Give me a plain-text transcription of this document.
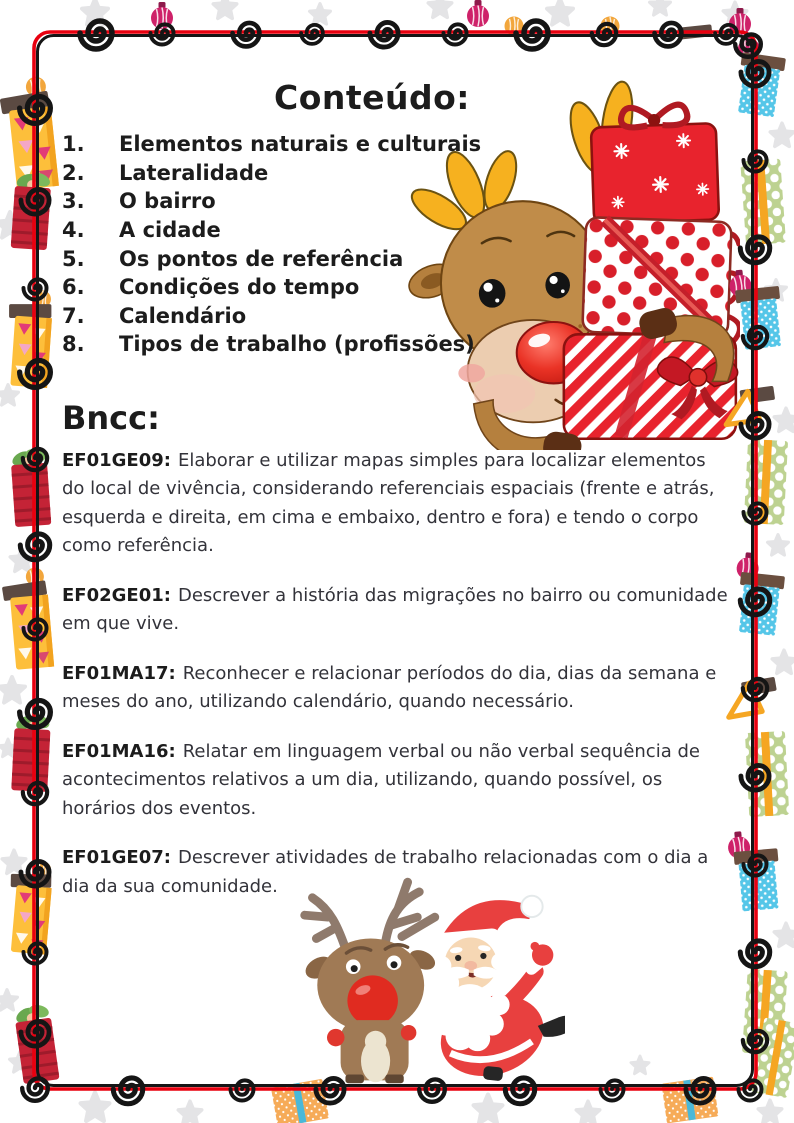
Conteúdo:
1.	Elementos naturais e culturais
2.	Lateralidade
3.	O bairro
4.	A cidade
5.	Os pontos de referência
6.	Condições do tempo
7.	Calendário
8.	Tipos de trabalho (profissões)
Bncc:

EF01GE09: Elaborar e utilizar mapas simples para localizar elementos do local de vivência, considerando referenciais espaciais (frente e atrás, esquerda e direita, em cima e embaixo, dentro e fora) e tendo o corpo como referência.

EF02GE01: Descrever a história das migrações no bairro ou comunidade em que vive.

EF01MA17: Reconhecer e relacionar períodos do dia, dias da semana e meses do ano, utilizando calendário, quando necessário.

EF01MA16: Relatar em linguagem verbal ou não verbal sequência de acontecimentos relativos a um dia, utilizando, quando possível, os horários dos eventos.

EF01GE07: Descrever atividades de trabalho relacionadas com o dia a dia da sua comunidade.
